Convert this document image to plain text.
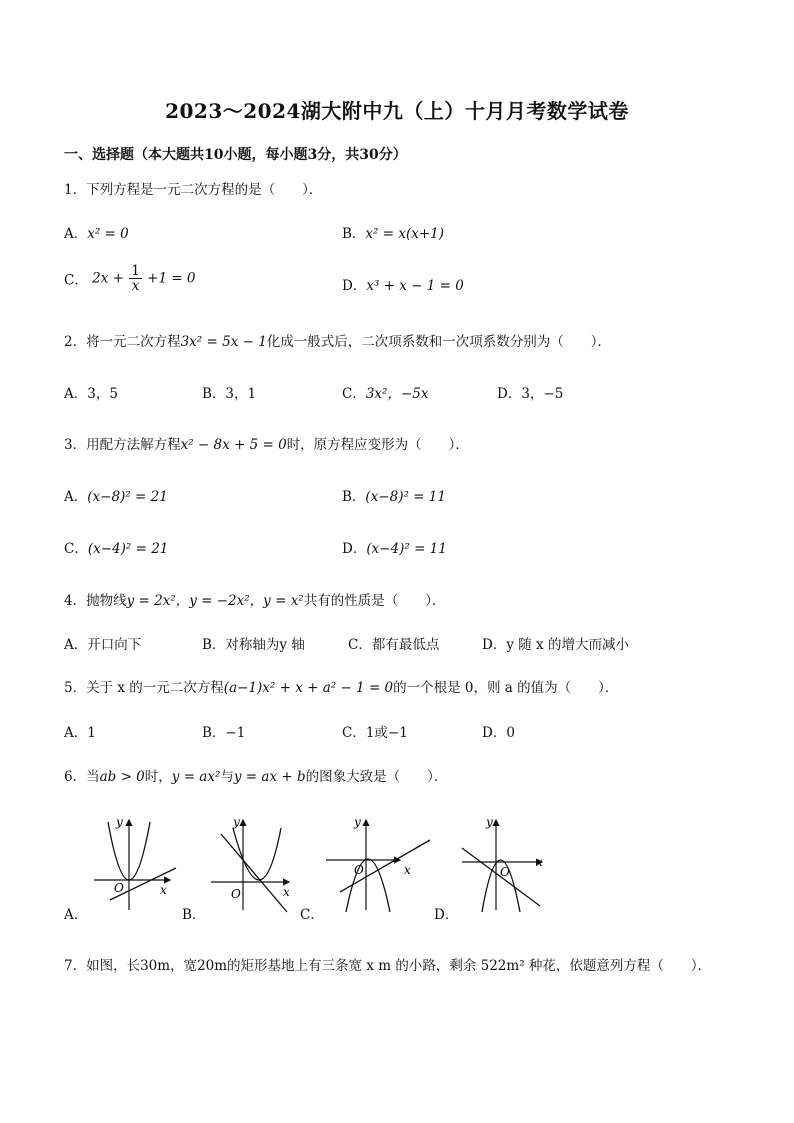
2023～2024湖大附中九（上）十月月考数学试卷
一、选择题（本大题共10小题，每小题3分，共30分）
1．下列方程是一元二次方程的是（　　）．
A．x² = 0	B．x² = x(x+1)
C． $2x + \frac{1}{x} +1 = 0$	D．x³ + x − 1 = 0
2．将一元二次方程3x² = 5x − 1化成一般式后，二次项系数和一次项系数分别为（　　）．
A．3，5	B．3，1	C．3x²，−5x	D．3，−5
3．用配方法解方程x² − 8x + 5 = 0时，原方程应变形为（　　）．
A．(x−8)² = 21	B．(x−8)² = 11
C．(x−4)² = 21	D．(x−4)² = 11
4．抛物线y = 2x²，y = −2x²，y = x²共有的性质是（　　）．
A．开口向下	B．对称轴为y 轴	C．都有最低点	D．y 随 x 的增大而减小
5．关于 x 的一元二次方程(a−1)x² + x + a² − 1 = 0的一个根是 0，则 a 的值为（　　）．
A．1	B．−1	C．1或−1	D．0
6．当ab > 0时，y = ax²与y = ax + b的图象大致是（　　）．
O	x
y
A．
O	x
y
B．
O	x
y
C．
O
x
y
D．
7．如图，长30m，宽20m的矩形基地上有三条宽 x m 的小路，剩余 522m² 种花，依题意列方程（　　）．
